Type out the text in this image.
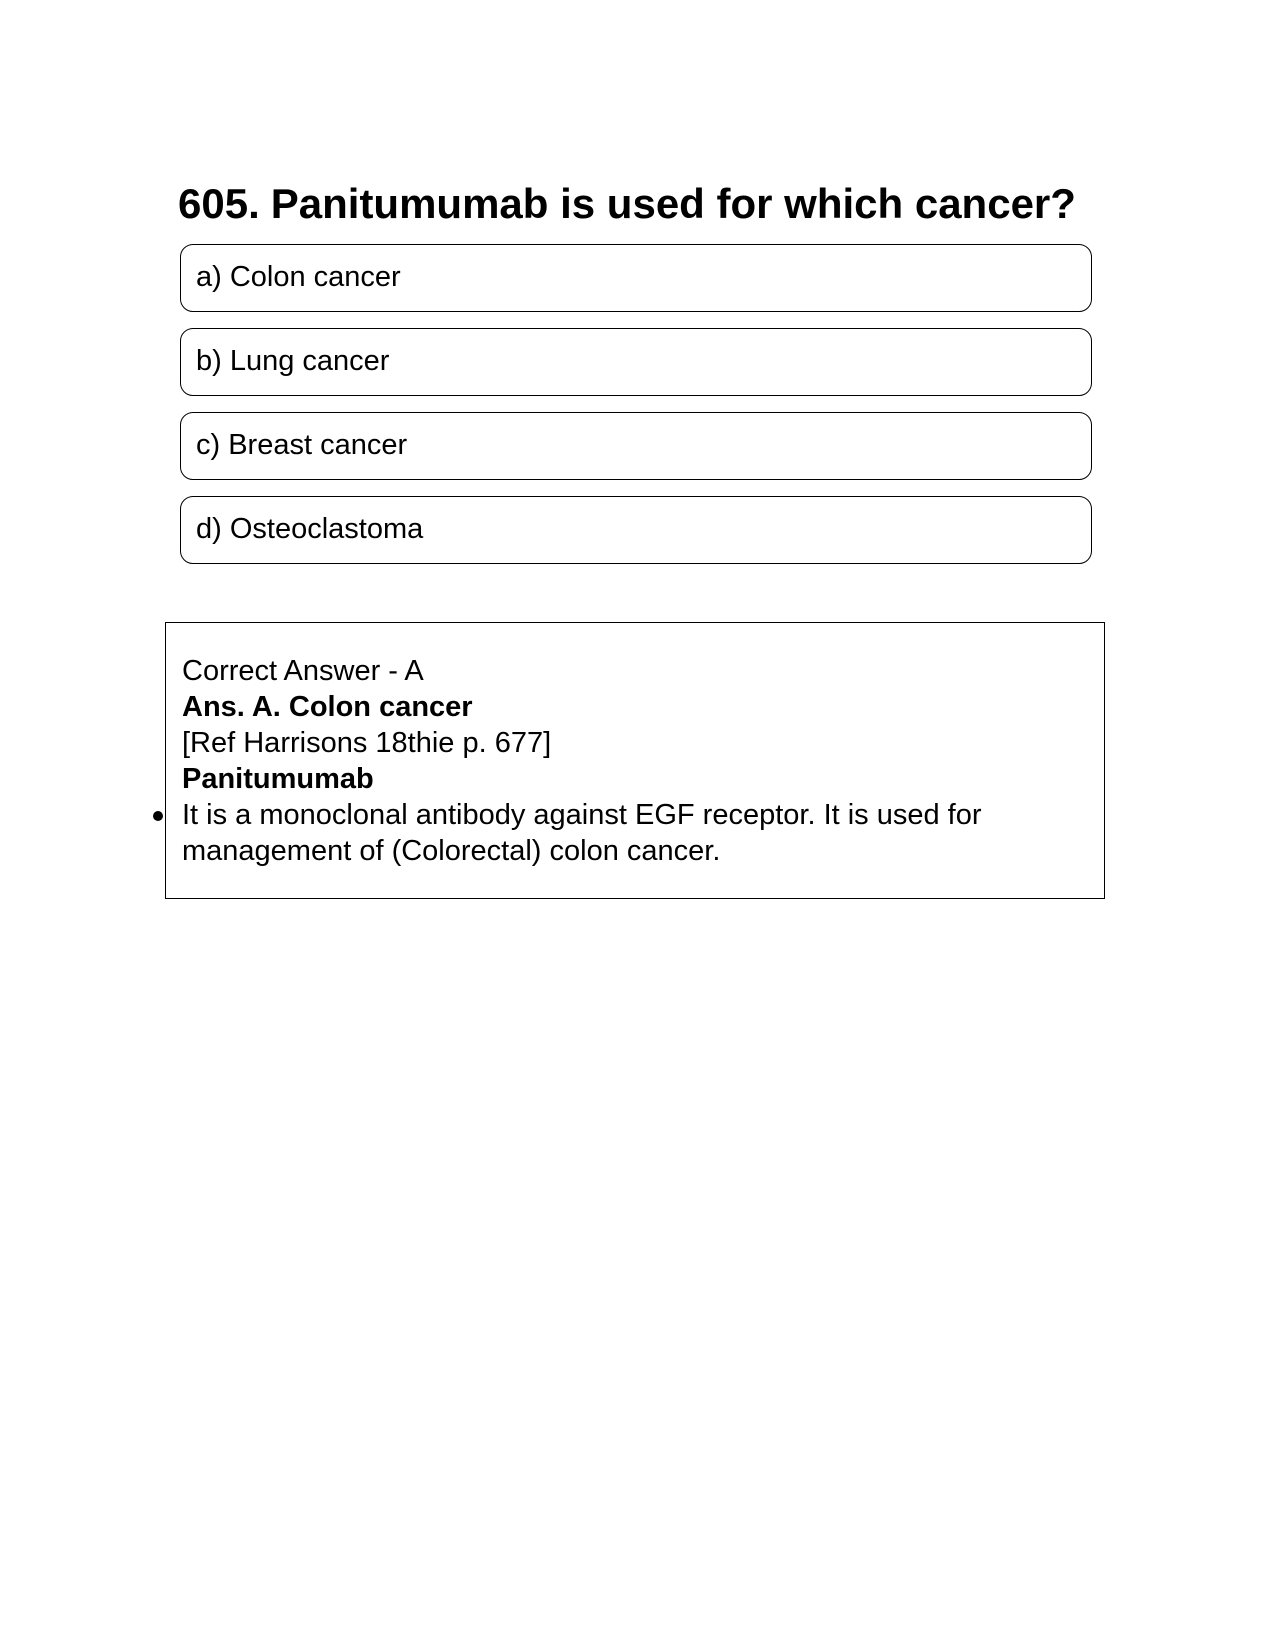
605. Panitumumab is used for which cancer?
a) Colon cancer
b) Lung cancer
c) Breast cancer
d) Osteoclastoma
Correct Answer - A
Ans. A. Colon cancer
[Ref Harrisons 18thie p. 677]
Panitumumab
It is a monoclonal antibody against EGF receptor. It is used for management of (Colorectal) colon cancer.
